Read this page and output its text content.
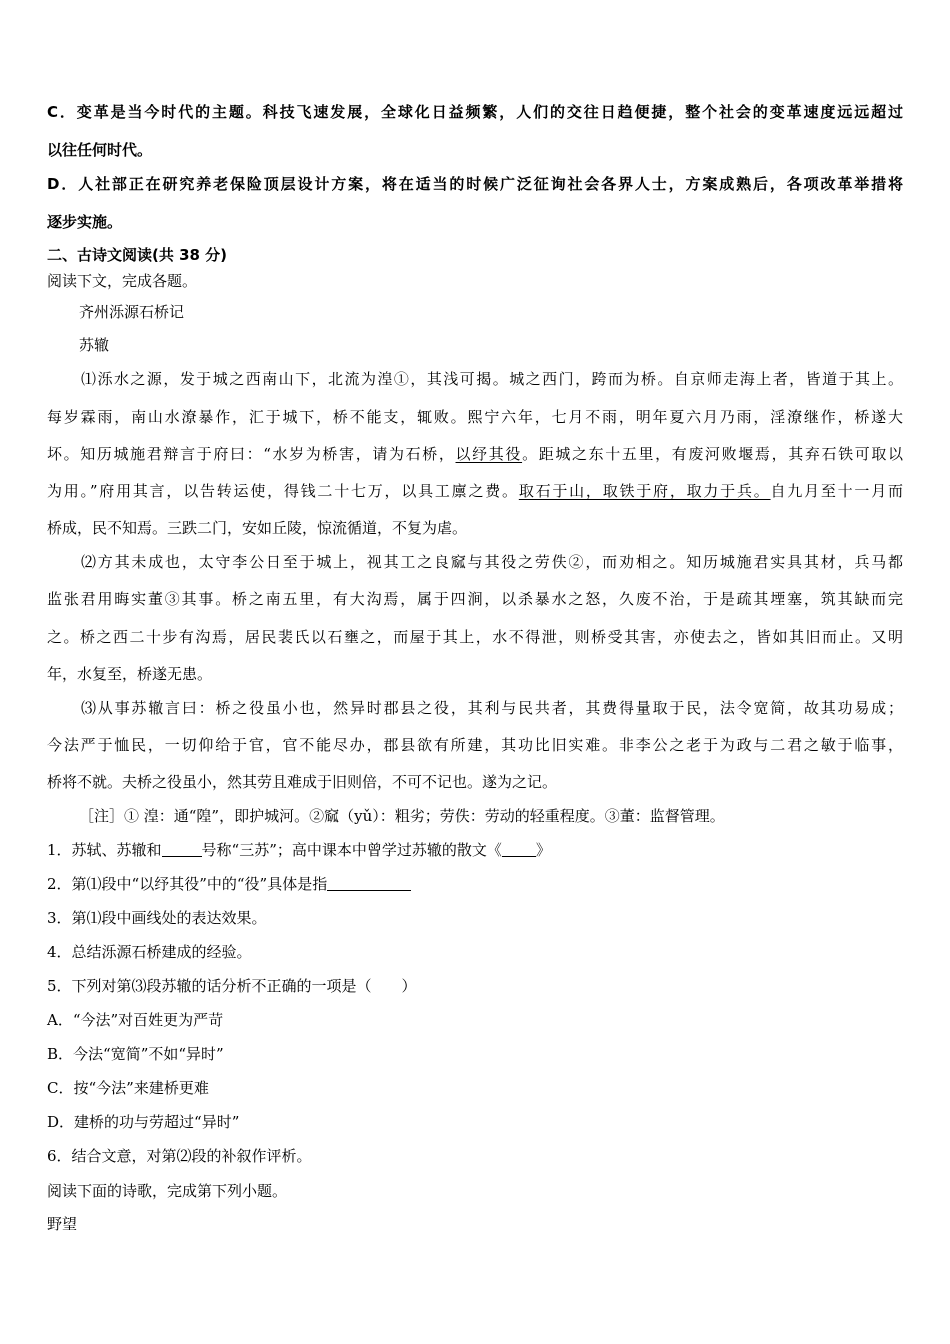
C．变革是当今时代的主题。科技飞速发展，全球化日益频繁，人们的交往日趋便捷，整个社会的变革速度远远超过
以往任何时代。
D．人社部正在研究养老保险顶层设计方案，将在适当的时候广泛征询社会各界人士，方案成熟后，各项改革举措将
逐步实施。
二、古诗文阅读(共 38 分)
阅读下文，完成各题。
齐州泺源石桥记
苏辙
⑴泺水之源，发于城之西南山下，北流为湟①，其浅可揭。城之西门，跨而为桥。自京师走海上者，皆道于其上。
每岁霖雨，南山水潦暴作，汇于城下，桥不能支，辄败。熙宁六年，七月不雨，明年夏六月乃雨，淫潦继作，桥遂大
坏。知历城施君辩言于府曰：“水岁为桥害，请为石桥，以纾其役。距城之东十五里，有废河败堰焉，其弃石铁可取以
为用。”府用其言，以告转运使，得钱二十七万，以具工廪之费。取石于山，取铁于府，取力于兵。自九月至十一月而
桥成，民不知焉。三跌二门，安如丘陵，惊流循道，不复为虐。
⑵方其未成也，太守李公日至于城上，视其工之良窳与其役之劳佚②，而劝相之。知历城施君实具其材，兵马都
监张君用晦实董③其事。桥之南五里，有大沟焉，属于四涧，以杀暴水之怒，久废不治，于是疏其堙塞，筑其缺而完
之。桥之西二十步有沟焉，居民裴氏以石壅之，而屋于其上，水不得泄，则桥受其害，亦使去之，皆如其旧而止。又明
年，水复至，桥遂无患。
⑶从事苏辙言曰：桥之役虽小也，然异时郡县之役，其利与民共者，其费得量取于民，法令宽简，故其功易成；
今法严于恤民，一切仰给于官，官不能尽办，郡县欲有所建，其功比旧实难。非李公之老于为政与二君之敏于临事，
桥将不就。夫桥之役虽小，然其劳且难成于旧则倍，不可不记也。遂为之记。
［注］① 湟：通“隍”，即护城河。②窳（yǔ）：粗劣；劳佚：劳动的轻重程度。③董：监督管理。
1．苏轼、苏辙和	号称“三苏”；高中课本中曾学过苏辙的散文《 》
2．第⑴段中“以纾其役”中的“役”具体是指
3．第⑴段中画线处的表达效果。
4．总结泺源石桥建成的经验。
5．下列对第⑶段苏辙的话分析不正确的一项是（　　）
A．“今法”对百姓更为严苛
B．今法“宽简”不如“异时”
C．按“今法”来建桥更难
D．建桥的功与劳超过“异时”
6．结合文意，对第⑵段的补叙作评析。
阅读下面的诗歌，完成第下列小题。
野望
